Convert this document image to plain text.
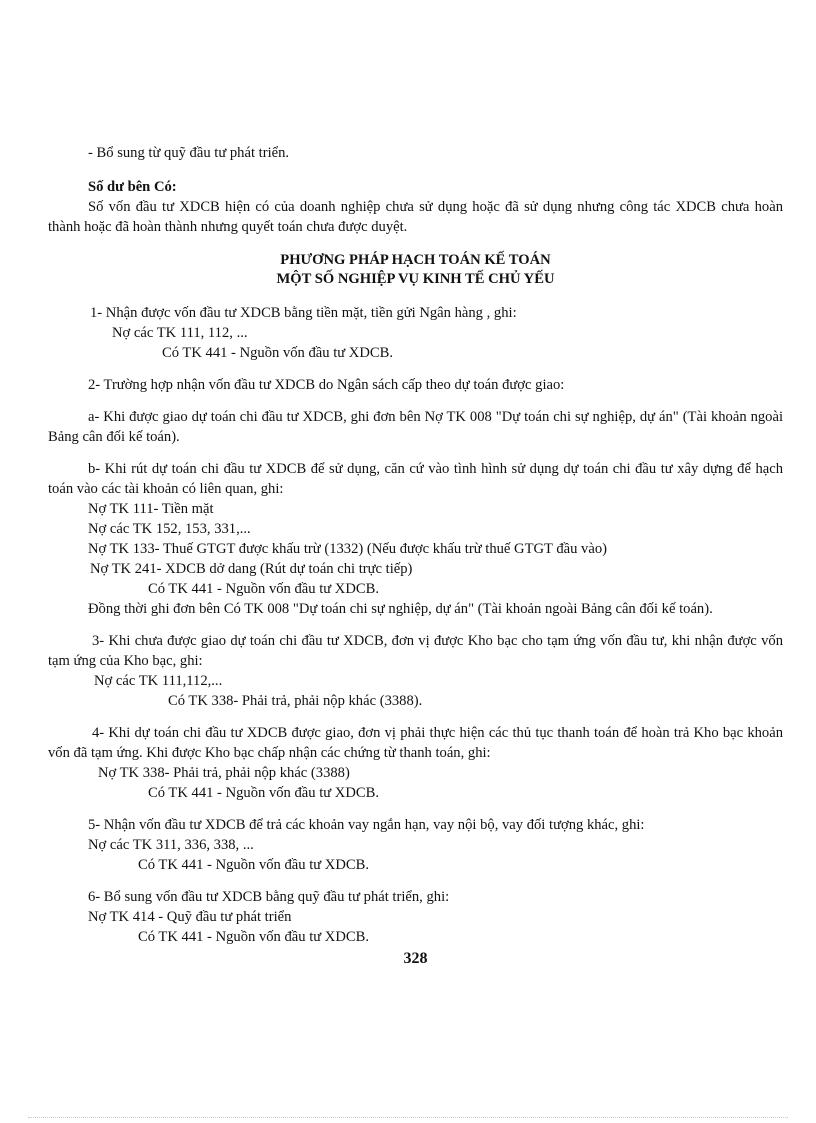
- Bổ sung từ quỹ đầu tư phát triển.
Số dư bên Có:
Số vốn đầu tư XDCB hiện có của doanh nghiệp chưa sử dụng hoặc đã sử dụng nhưng công tác XDCB chưa hoàn thành hoặc đã hoàn thành nhưng quyết toán chưa được duyệt.
PHƯƠNG PHÁP HẠCH TOÁN KẾ TOÁN
MỘT SỐ NGHIỆP VỤ KINH TẾ CHỦ YẾU
1- Nhận được vốn đầu tư XDCB bằng tiền mặt, tiền gửi Ngân hàng , ghi:
Nợ các TK 111, 112, ...
Có TK 441 - Nguồn vốn đầu tư XDCB.
2- Trường hợp nhận vốn đầu tư XDCB do Ngân sách cấp theo dự toán được giao:
a- Khi được giao dự toán chi đầu tư XDCB, ghi đơn bên Nợ TK 008 "Dự toán chi sự nghiệp, dự án" (Tài khoản ngoài Bảng cân đối kế toán).
b- Khi rút dự toán chi đầu tư XDCB để sử dụng, căn cứ vào tình hình sử dụng dự toán chi đầu tư xây dựng để hạch toán vào các tài khoản có liên quan, ghi:
Nợ TK 111- Tiền mặt
Nợ các TK 152, 153, 331,...
Nợ TK 133- Thuế GTGT được khấu trừ (1332) (Nếu được khấu trừ thuế GTGT đầu vào)
Nợ TK 241- XDCB dở dang (Rút dự toán chi trực tiếp)
Có TK 441 - Nguồn vốn đầu tư XDCB.
Đồng thời ghi đơn bên Có TK 008 "Dự toán chi sự nghiệp, dự án" (Tài khoản ngoài Bảng cân đối kế toán).
3- Khi chưa được giao dự toán chi đầu tư XDCB, đơn vị được Kho bạc cho tạm ứng vốn đầu tư, khi nhận được vốn tạm ứng của Kho bạc, ghi:
Nợ các TK 111,112,...
Có TK 338- Phải trả, phải nộp khác (3388).
4- Khi dự toán chi đầu tư XDCB được giao, đơn vị phải thực hiện các thủ tục thanh toán để hoàn trả Kho bạc khoản vốn đã tạm ứng. Khi được Kho bạc chấp nhận các chứng từ thanh toán, ghi:
Nợ TK 338- Phải trả, phải nộp khác (3388)
Có TK 441 - Nguồn vốn đầu tư XDCB.
5- Nhận vốn đầu tư XDCB để trả các khoản vay ngắn hạn, vay nội bộ, vay đối tượng khác, ghi:
Nợ các TK 311, 336, 338, ...
Có TK 441 - Nguồn vốn đầu tư XDCB.
6- Bổ sung vốn đầu tư XDCB bằng quỹ đầu tư phát triển, ghi:
Nợ TK 414 - Quỹ đầu tư phát triển
Có TK 441 - Nguồn vốn đầu tư XDCB.
328
